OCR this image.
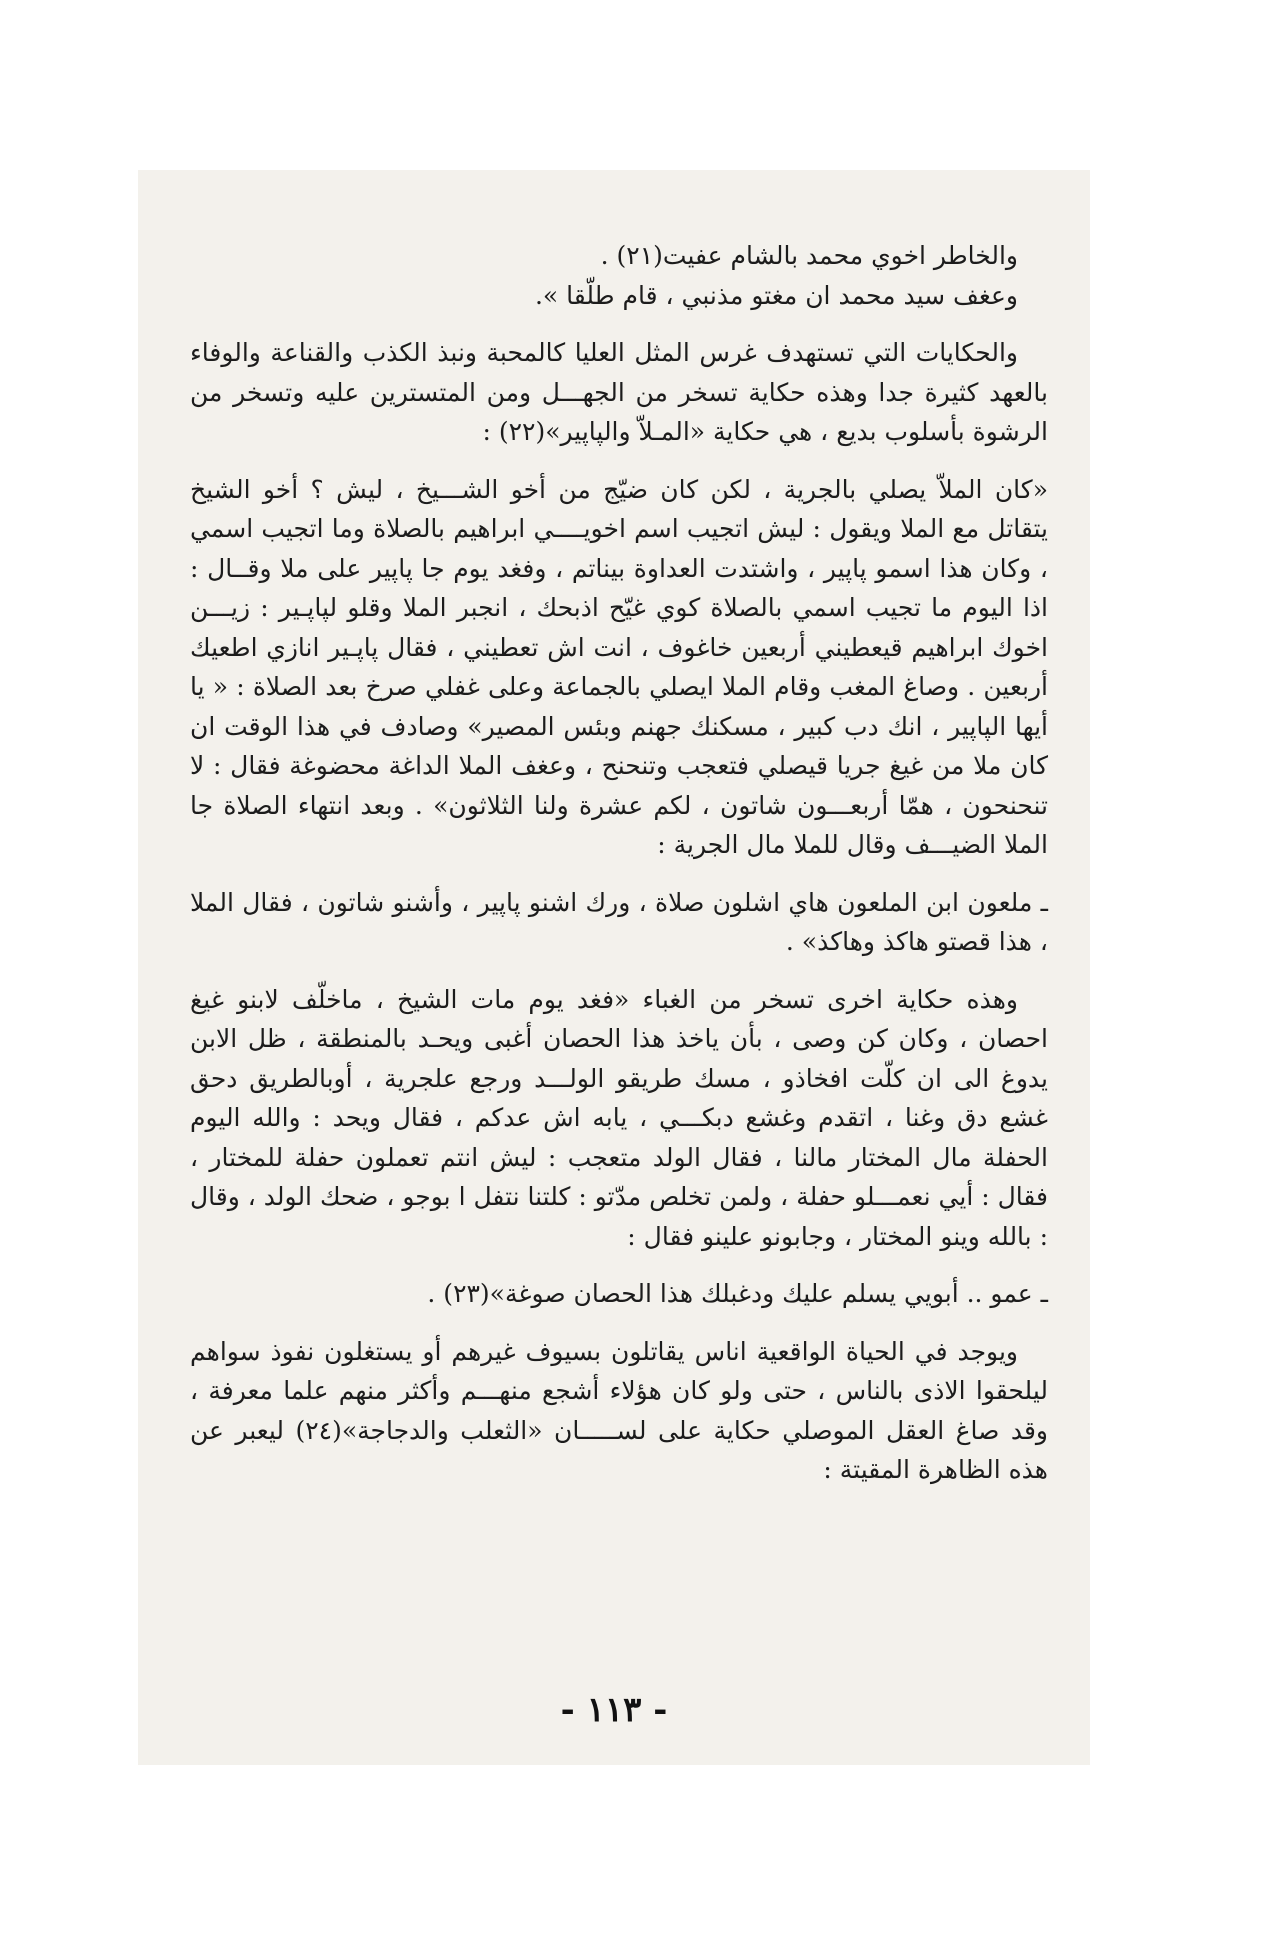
والخاطر اخوي محمد بالشام عفيت(٢١) .

وعغف سيد محمد ان مغتو مذنبي ، قام طلّقا ».

والحكايات التي تستهدف غرس المثل العليا كالمحبة ونبذ الكذب والقناعة والوفاء بالعهد كثيرة جدا وهذه حكاية تسخر من الجهـــل ومن المتسترين عليه وتسخر من الرشوة بأسلوب بديع ، هي حكاية «المـلاّ والپاپير»(٢٢) :

«كان الملاّ يصلي بالجرية ، لكن كان ضيّج من أخو الشـــيخ ، ليش ؟ أخو الشيخ يتقاتل مع الملا ويقول : ليش اتجيب اسم اخويــــي ابراهيم بالصلاة وما اتجيب اسمي ، وكان هذا اسمو پاپير ، واشتدت العداوة بيناتم ، وفغد يوم جا پاپير على ملا وقــال : اذا اليوم ما تجيب اسمي بالصلاة كوي غيّح اذبحك ، انجبر الملا وقلو لپاپـير : زيـــن اخوك ابراهيم قيعطيني أربعين خاغوف ، انت اش تعطيني ، فقال پاپـير انازي اطعيك أربعين . وصاغ المغب وقام الملا ايصلي بالجماعة وعلى غفلي صرخ بعد الصلاة : « يا أيها الپاپير ، انك دب كبير ، مسكنك جهنم وبئس المصير» وصادف في هذا الوقت ان كان ملا من غيغ جريا قيصلي فتعجب وتنحنح ، وعغف الملا الداغة محضوغة فقال : لا تنحنحون ، همّا أربعـــون شاتون ، لكم عشرة ولنا الثلاثون» . وبعد انتهاء الصلاة جا الملا الضيـــف وقال للملا مال الجرية :

ـ ملعون ابن الملعون هاي اشلون صلاة ، ورك اشنو پاپير ، وأشنو شاتون ، فقال الملا ، هذا قصتو هاكذ وهاكذ» .

وهذه حكاية اخرى تسخر من الغباء «فغد يوم مات الشيخ ، ماخلّف لابنو غيغ احصان ، وكان كن وصى ، بأن ياخذ هذا الحصان أغبى ويحـد بالمنطقة ، ظل الابن يدوغ الى ان كلّت افخاذو ، مسك طريقو الولـــد ورجع علجرية ، أوبالطريق دحق غشع دق وغنا ، اتقدم وغشع دبكـــي ، يابه اش عدكم ، فقال ويحد : والله اليوم الحفلة مال المختار مالنا ، فقال الولد متعجب : ليش انتم تعملون حفلة للمختار ، فقال : أيي نعمـــلو حفلة ، ولمن تخلص مدّتو : كلتنا نتفل ا بوجو ، ضحك الولد ، وقال : بالله وينو المختار ، وجابونو علينو فقال :

ـ عمو .. أبويي يسلم عليك ودغبلك هذا الحصان صوغة»(٢٣) .

ويوجد في الحياة الواقعية اناس يقاتلون بسيوف غيرهم أو يستغلون نفوذ سواهم ليلحقوا الاذى بالناس ، حتى ولو كان هؤلاء أشجع منهـــم وأكثر منهم علما معرفة ، وقد صاغ العقل الموصلي حكاية على لســـــان «الثعلب والدجاجة»(٢٤) ليعبر عن هذه الظاهرة المقيتة :

- ١١٣ -
